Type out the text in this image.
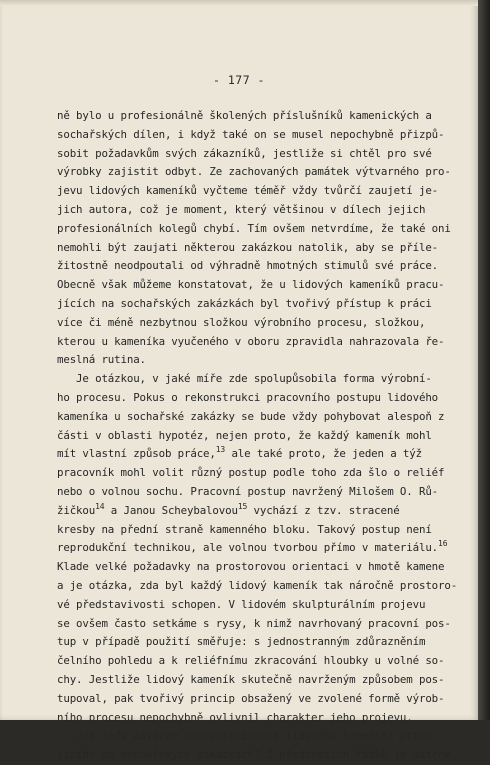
- 177 -
ně bylo u profesionálně školených příslušníků kamenických a
sochařských dílen, i když také on se musel nepochybně přizpů-
sobit požadavkům svých zákazníků, jestliže si chtěl pro své
výrobky zajistit odbyt. Ze zachovaných památek výtvarného pro-
jevu lidových kameníků vyčteme téměř vždy tvůrčí zaujetí je-
jich autora, což je moment, který většinou v dílech jejich
profesionálních kolegů chybí. Tím ovšem netvrdíme, že také oni
nemohli být zaujati některou zakázkou natolik, aby se příle-
žitostně neodpoutali od výhradně hmotných stimulů své práce.
Obecně však můžeme konstatovat, že u lidových kameníků pracu-
jících na sochařských zakázkách byl tvořivý přístup k práci
více či méně nezbytnou složkou výrobního procesu, složkou,
kterou u kameníka vyučeného v oboru zpravidla nahrazovala ře-
meslná rutina.
Je otázkou, v jaké míře zde spolupůsobila forma výrobní-
ho procesu. Pokus o rekonstrukci pracovního postupu lidového
kameníka u sochařské zakázky se bude vždy pohybovat alespoň z
části v oblasti hypotéz, nejen proto, že každý kameník mohl
mít vlastní způsob práce,$^{13}$ ale také proto, že jeden a týž
pracovník mohl volit různý postup podle toho zda šlo o reliéf
nebo o volnou sochu. Pracovní postup navržený Milošem O. Rů-
žičkou$^{14}$ a Janou Scheybalovou$^{15}$ vychází z tzv. stracené
kresby na přední straně kamenného bloku. Takový postup není
reprodukční technikou, ale volnou tvorbou přímo v materiálu.$^{16}$
Klade velké požadavky na prostorovou orientaci v hmotě kamene
a je otázka, zda byl každý lidový kameník tak náročně prostoro-
vé představivosti schopen. V lidovém skulpturálním projevu
se ovšem často setkáme s rysy, k nimž navrhovaný pracovní pos-
tup v případě použití směřuje: s jednostranným zdůrazněním
čelního pohledu a k reliéfnímu zkracování hloubky u volné so-
chy. Jestliže lidový kameník skutečně navrženým způsobem pos-
tupoval, pak tvořivý princip obsažený ve zvolené formě výrob-
ního procesu nepochybně ovlivnil charakter jeho projevu.
Jak tedy závěrem charakterizovat lidového kameníka pracu-
jícího na sochařských zakázkách? Z předchozích řádků je patrné,
